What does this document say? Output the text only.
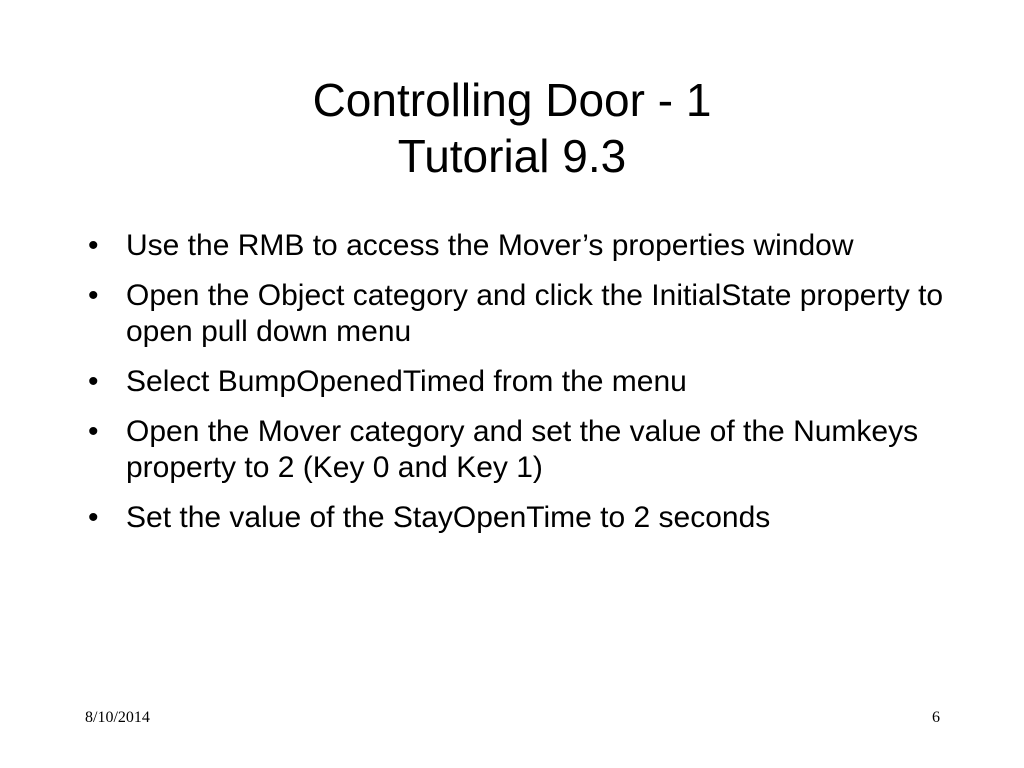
Controlling Door - 1
Tutorial 9.3
• Use the RMB to access the Mover’s properties window
• Open the Object category and click the InitialState property to open pull down menu
• Select BumpOpenedTimed from the menu
• Open the Mover category and set the value of the Numkeys property to 2 (Key 0 and Key 1)
• Set the value of the StayOpenTime to 2 seconds
8/10/2014	6
